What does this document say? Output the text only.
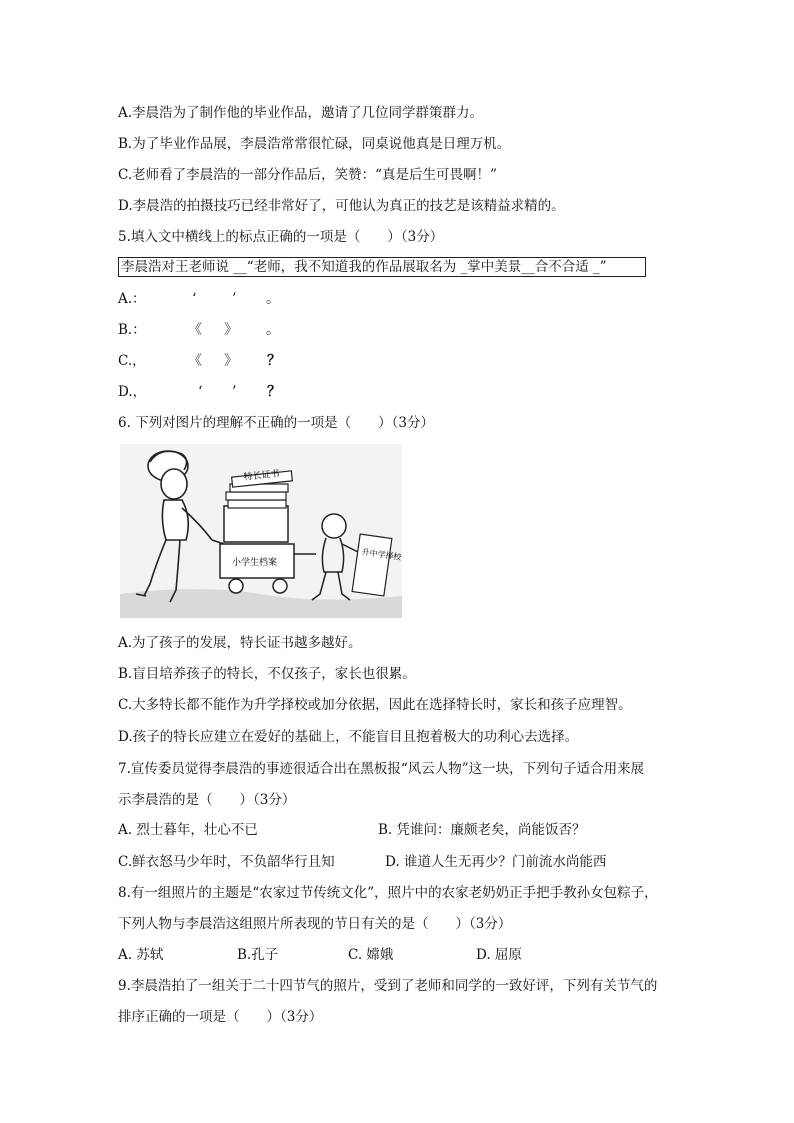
A.李晨浩为了制作他的毕业作品，邀请了几位同学群策群力。
B.为了毕业作品展，李晨浩常常很忙碌，同桌说他真是日理万机。
C.老师看了李晨浩的一部分作品后，笑赞：“真是后生可畏啊！”
D.李晨浩的拍摄技巧已经非常好了，可他认为真正的技艺是该精益求精的。
5.填入文中横线上的标点正确的一项是（　　）（3分）
李晨浩对王老师说 __“老师，我不知道我的作品展取名为 _掌中美景__合不合适 _”
A.：	‘	’ 。
B.：	《 》 。
C.，	《 》 ？
D.，	‘ ’ ？
6. 下列对图片的理解不正确的一项是（　　）（3分）
特长证书
小学生档案
升中学择校
A.为了孩子的发展，特长证书越多越好。
B.盲目培养孩子的特长，不仅孩子，家长也很累。
C.大多特长都不能作为升学择校或加分依据，因此在选择特长时，家长和孩子应理智。
D.孩子的特长应建立在爱好的基础上，不能盲目且抱着极大的功利心去选择。
7.宣传委员觉得李晨浩的事迹很适合出在黑板报“风云人物”这一块，下列句子适合用来展
示李晨浩的是（　　）（3分）
A. 烈士暮年，壮心不已	B. 凭谁问：廉颇老矣，尚能饭否？
C.鲜衣怒马少年时，不负韶华行且知	D. 谁道人生无再少？门前流水尚能西
8.有一组照片的主题是“农家过节传统文化”，照片中的农家老奶奶正手把手教孙女包粽子，
下列人物与李晨浩这组照片所表现的节日有关的是（　　）（3分）
A. 苏轼	B.孔子	C. 嫦娥	D. 屈原
9.李晨浩拍了一组关于二十四节气的照片，受到了老师和同学的一致好评，下列有关节气的
排序正确的一项是（　　）（3分）
